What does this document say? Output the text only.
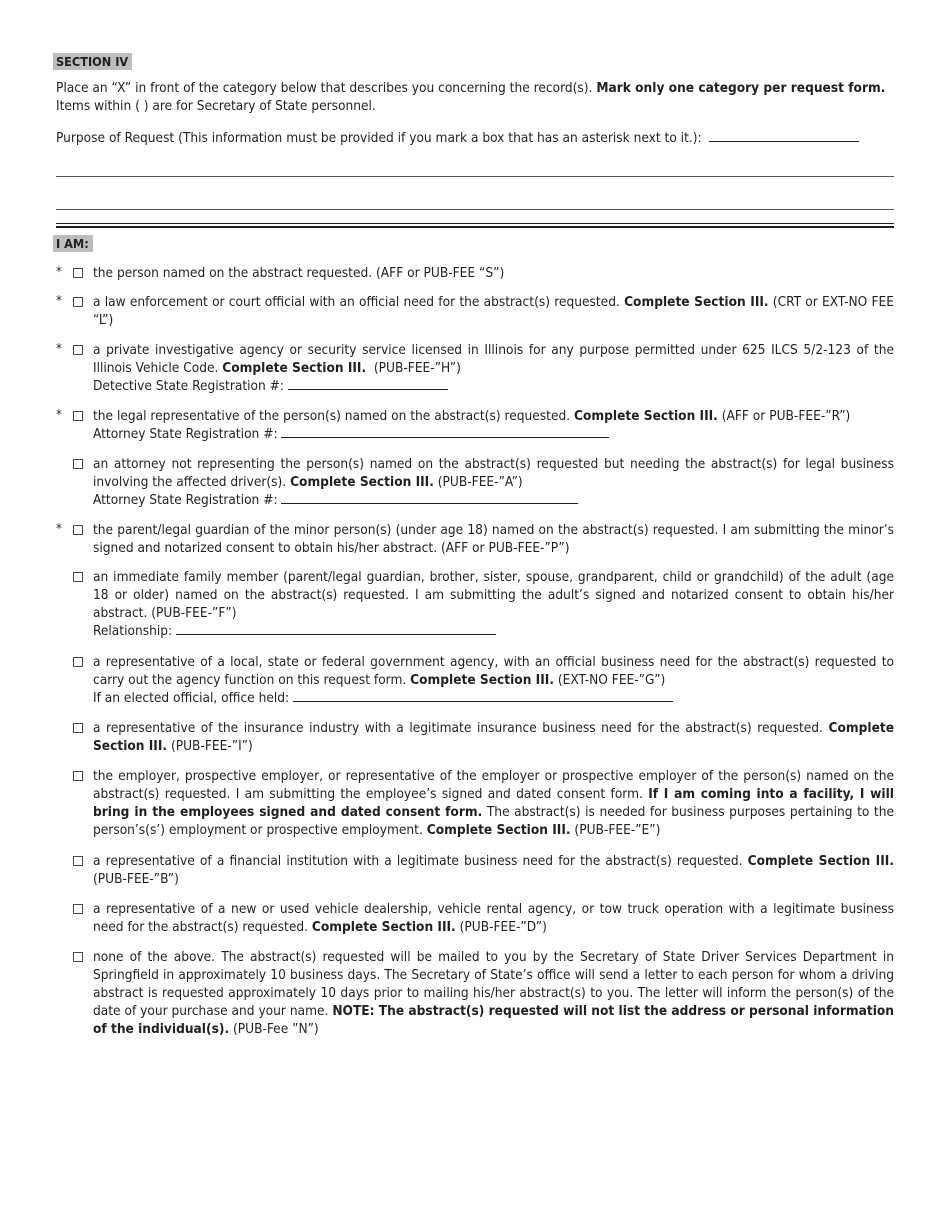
SECTION IV
Place an “X” in front of the category below that describes you concerning the record(s). Mark only one category per request form.
Items within ( ) are for Secretary of State personnel.
Purpose of Request (This information must be provided if you mark a box that has an asterisk next to it.):
I AM:
*	the person named on the abstract requested. (AFF or PUB-FEE “S”)
*	a law enforcement or court official with an official need for the abstract(s) requested. Complete Section III. (CRT or EXT-NO FEE “L”)
*	a private investigative agency or security service licensed in Illinois for any purpose permitted under 625 ILCS 5/2-123 of the Illinois Vehicle Code. Complete Section III. (PUB-FEE-”H”)
Detective State Registration #:
*	the legal representative of the person(s) named on the abstract(s) requested. Complete Section III. (AFF or PUB-FEE-”R”)
Attorney State Registration #:
an attorney not representing the person(s) named on the abstract(s) requested but needing the abstract(s) for legal business involving the affected driver(s). Complete Section III. (PUB-FEE-”A”)
Attorney State Registration #:
*	the parent/legal guardian of the minor person(s) (under age 18) named on the abstract(s) requested. I am submitting the minor’s signed and notarized consent to obtain his/her abstract. (AFF or PUB-FEE-”P”)
an immediate family member (parent/legal guardian, brother, sister, spouse, grandparent, child or grandchild) of the adult (age 18 or older) named on the abstract(s) requested. I am submitting the adult’s signed and notarized consent to obtain his/her abstract. (PUB-FEE-”F”)
Relationship:
a representative of a local, state or federal government agency, with an official business need for the abstract(s) requested to carry out the agency function on this request form. Complete Section III. (EXT-NO FEE-”G”)
If an elected official, office held:
a representative of the insurance industry with a legitimate insurance business need for the abstract(s) requested. Complete Section III. (PUB-FEE-”I”)
the employer, prospective employer, or representative of the employer or prospective employer of the person(s) named on the abstract(s) requested. I am submitting the employee’s signed and dated consent form. If I am coming into a facility, I will bring in the employees signed and dated consent form. The abstract(s) is needed for business purposes pertaining to the person’s(s’) employment or prospective employment. Complete Section III. (PUB-FEE-”E”)
a representative of a financial institution with a legitimate business need for the abstract(s) requested. Complete Section III. (PUB-FEE-”B”)
a representative of a new or used vehicle dealership, vehicle rental agency, or tow truck operation with a legitimate business need for the abstract(s) requested. Complete Section III. (PUB-FEE-”D”)
none of the above. The abstract(s) requested will be mailed to you by the Secretary of State Driver Services Department in Springfield in approximately 10 business days. The Secretary of State’s office will send a letter to each person for whom a driving abstract is requested approximately 10 days prior to mailing his/her abstract(s) to you. The letter will inform the person(s) of the date of your purchase and your name. NOTE: The abstract(s) requested will not list the address or personal information of the individual(s). (PUB-Fee ”N”)
